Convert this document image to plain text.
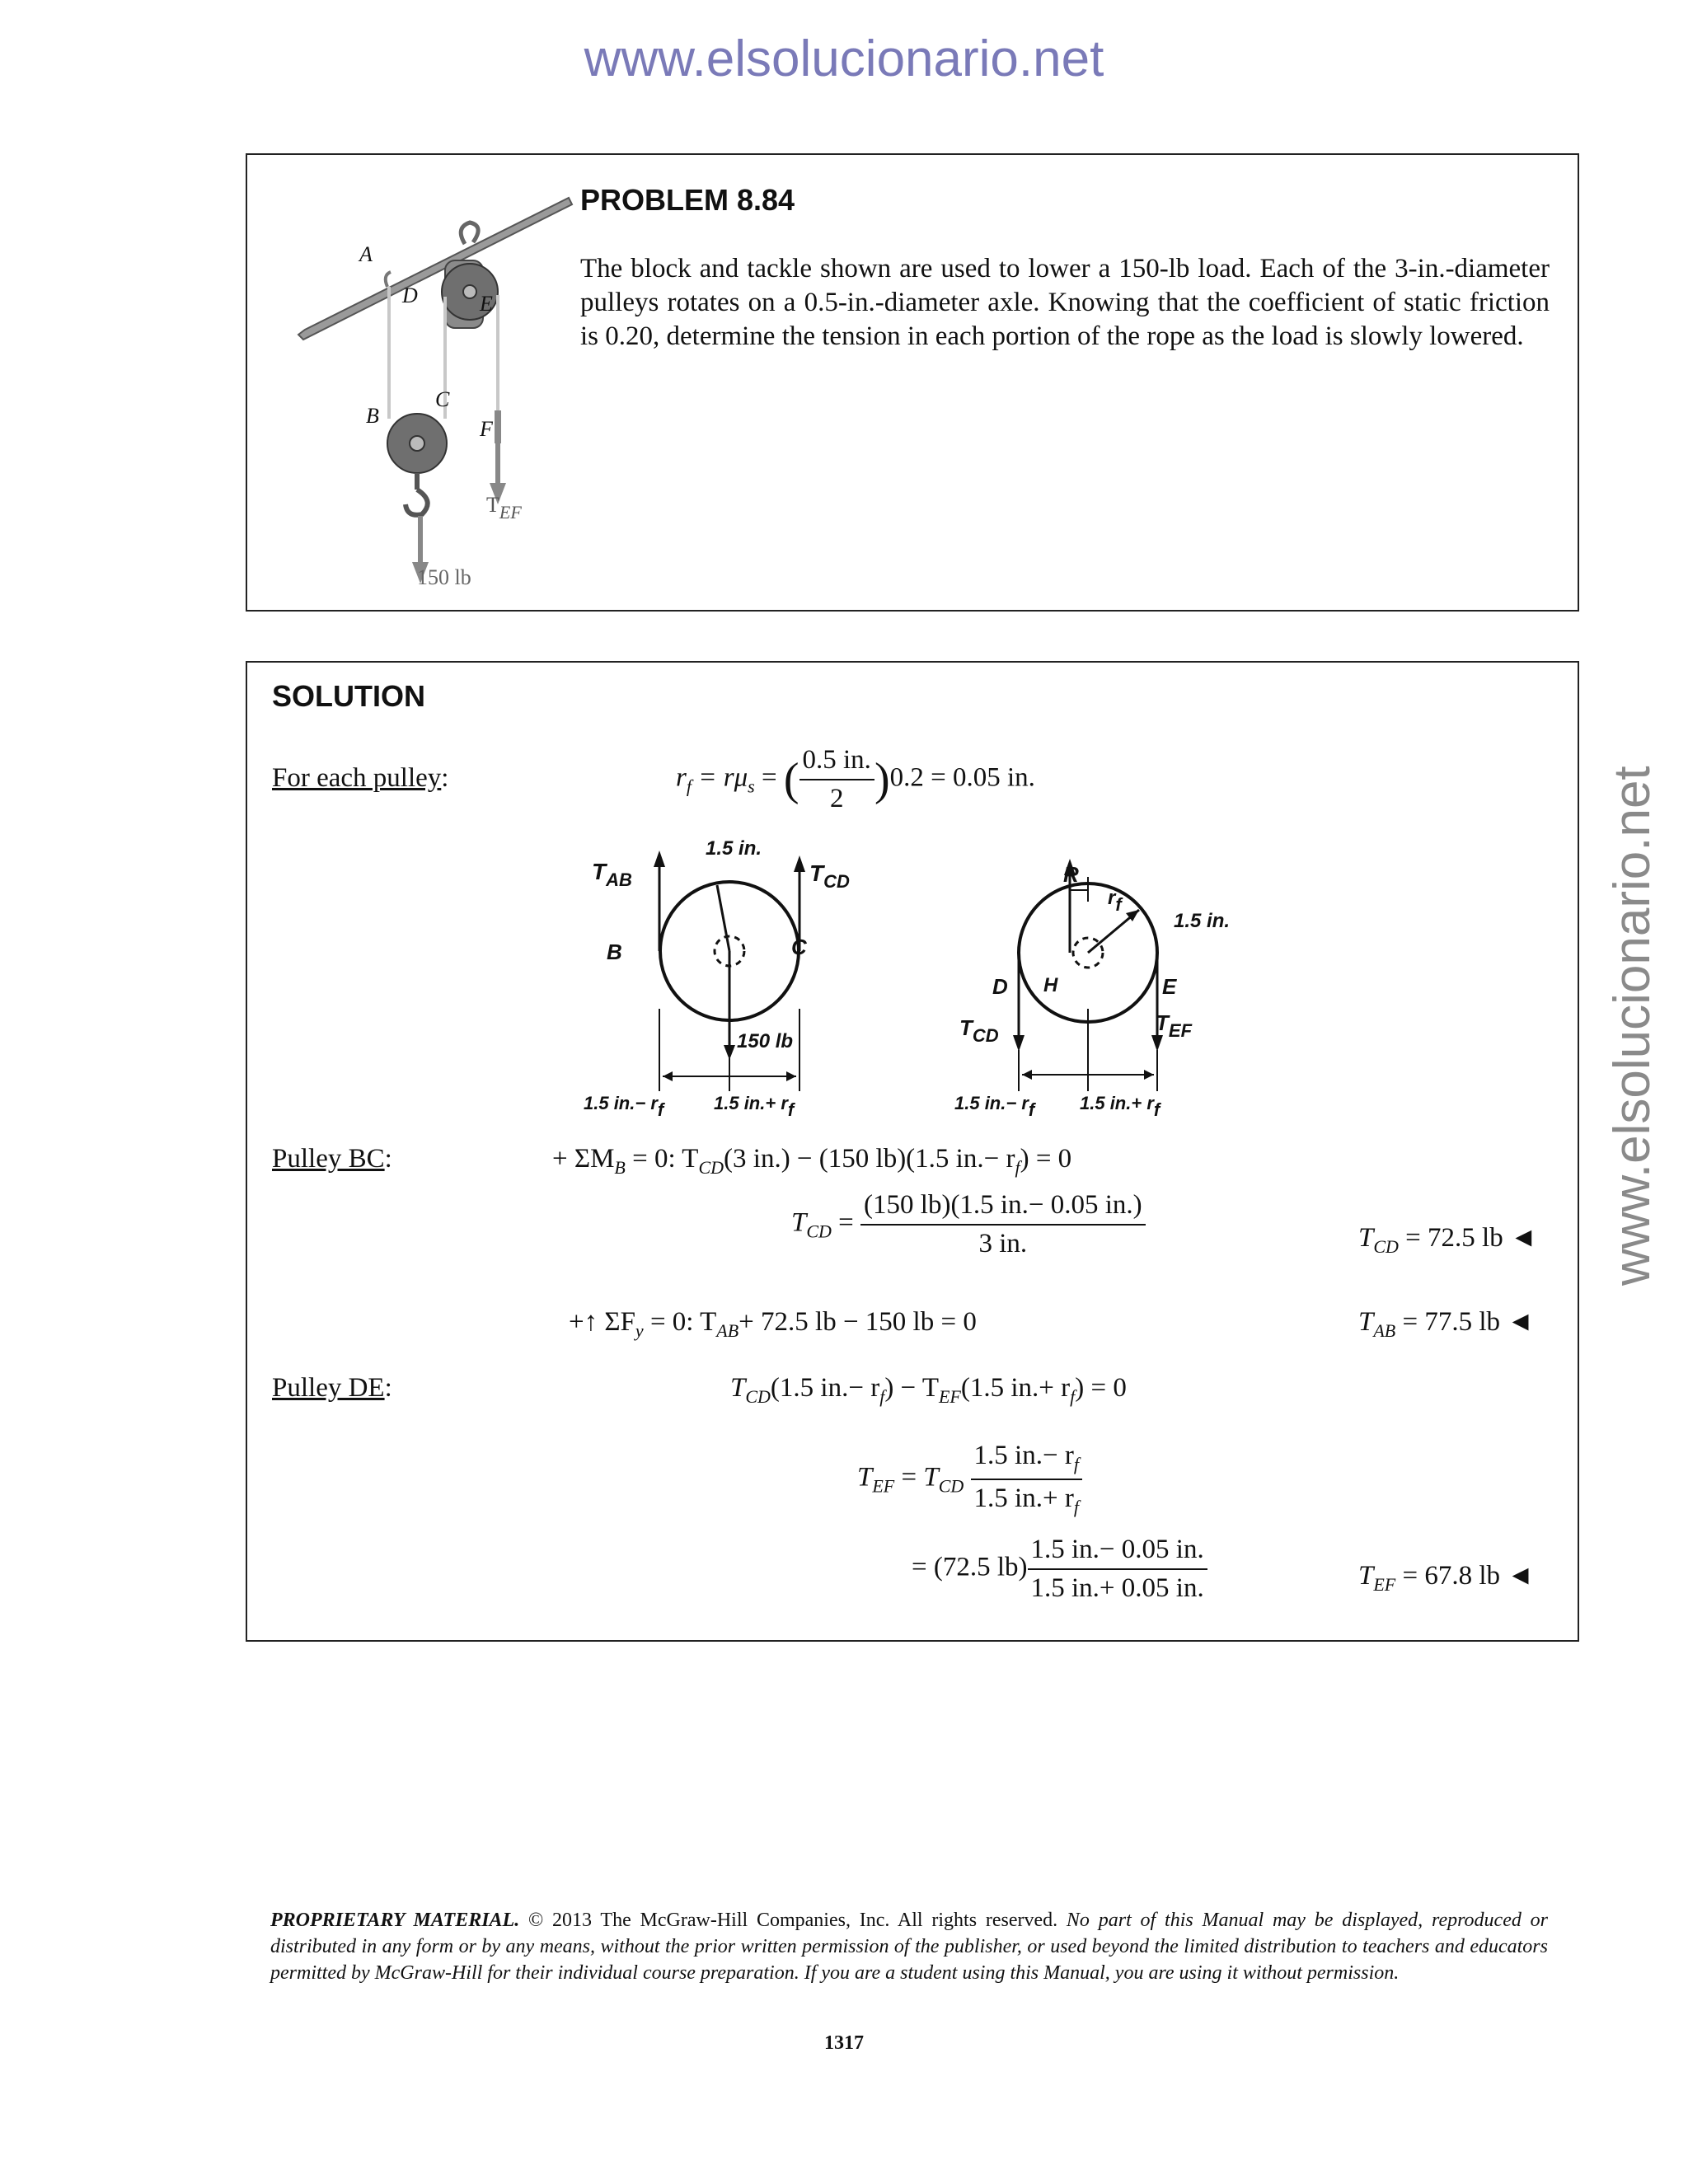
www.elsolucionario.net
www.elsolucionario.net
A
D	E
B
C
F
$T_{EF}$
150 lb
PROBLEM 8.84
The block and tackle shown are used to lower a 150-lb load. Each of the 3-in.-diameter pulleys rotates on a 0.5-in.-diameter axle. Knowing that the coefficient of static friction is 0.20, determine the tension in each portion of the rope as the load is slowly lowered.
SOLUTION
For each pulley:	$r_f = r\mu_s$ = ( $\frac{0.5 in.}{2} )0.2 = 0.05$ in.
$T_{AB}$	$T_{CD}$
1.5 in.
B	C
150 lb
1.5 $in.- r_f$	1.5 $in.+ r_f$
R
$r_f$
1.5 in.
D H	E
$T_{CD}$
$T_{EF}$
1.5 $in.- r_f$ 1.5 $in.+ r_f$
Pulley BC:	+ $\Sigma M_B = 0$: $T_{CD}(3$ in.) − (150 lb)(1.5 $in.- r_f) = 0$
$T_{CD} = \frac{(150 lb)(1.5 in.- 0.05 in.)}{3 in.}$	$T_{CD} = 72.5$ lb ◄
+↑ $\Sigma F_y = 0$: $T_{AB}+ 72.5$ lb − 150 lb = 0	$T_{AB} = 77.5$ lb ◄
Pulley DE:	$T_{CD}(1.5$ $in.- r_f) - T_{EF}(1.5$ $in.+ r_f) = 0$
$T_{EF} = T_{CD} \frac{1.5 in.- r_f}{1.5 in.+ r_f}$
= (72.5 $lb) \frac{1.5 in.- 0.05 in.}{1.5 in.+ 0.05 in.}$	$T_{EF} = 67.8$ lb ◄
PROPRIETARY MATERIAL. © 2013 The McGraw-Hill Companies, Inc. All rights reserved. No part of this Manual may be displayed, reproduced or distributed in any form or by any means, without the prior written permission of the publisher, or used beyond the limited distribution to teachers and educators permitted by McGraw-Hill for their individual course preparation. If you are a student using this Manual, you are using it without permission.
1317
